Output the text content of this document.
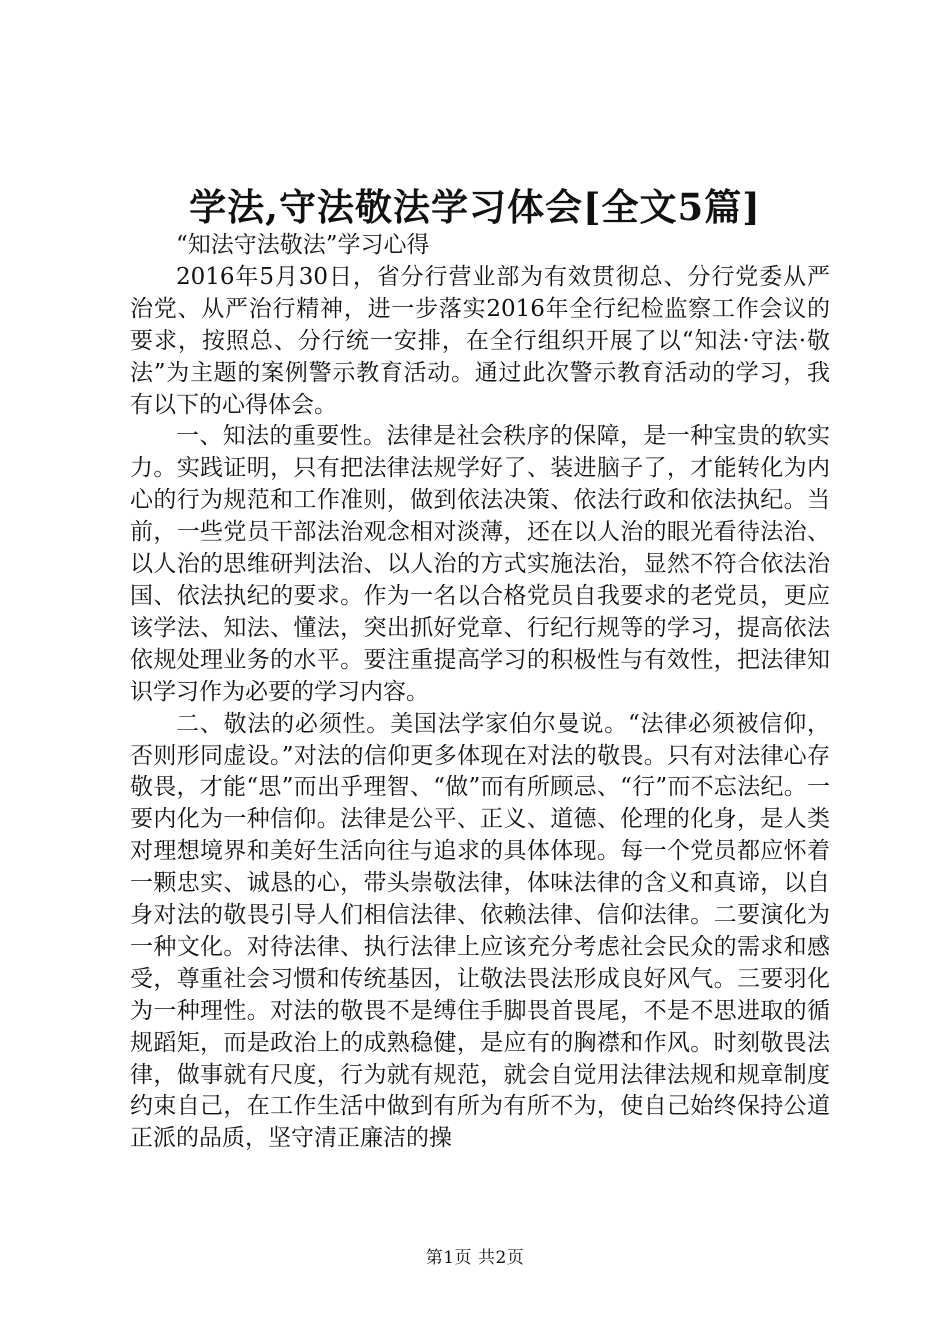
学法,守法敬法学习体会[全文5篇]

“知法守法敬法”学习心得

2016年5月30日，省分行营业部为有效贯彻总、分行党委从严治党、从严治行精神，进一步落实2016年全行纪检监察工作会议的要求，按照总、分行统一安排，在全行组织开展了以“知法·守法·敬法”为主题的案例警示教育活动。通过此次警示教育活动的学习，我有以下的心得体会。

一、知法的重要性。法律是社会秩序的保障，是一种宝贵的软实力。实践证明，只有把法律法规学好了、装进脑子了，才能转化为内心的行为规范和工作准则，做到依法决策、依法行政和依法执纪。当前，一些党员干部法治观念相对淡薄，还在以人治的眼光看待法治、以人治的思维研判法治、以人治的方式实施法治，显然不符合依法治国、依法执纪的要求。作为一名以合格党员自我要求的老党员，更应该学法、知法、懂法，突出抓好党章、行纪行规等的学习，提高依法依规处理业务的水平。要注重提高学习的积极性与有效性，把法律知识学习作为必要的学习内容。

二、敬法的必须性。美国法学家伯尔曼说。“法律必须被信仰，否则形同虚设。”对法的信仰更多体现在对法的敬畏。只有对法律心存敬畏，才能“思”而出乎理智、“做”而有所顾忌、“行”而不忘法纪。一要内化为一种信仰。法律是公平、正义、道德、伦理的化身，是人类对理想境界和美好生活向往与追求的具体体现。每一个党员都应怀着一颗忠实、诚恳的心，带头崇敬法律，体味法律的含义和真谛，以自身对法的敬畏引导人们相信法律、依赖法律、信仰法律。二要演化为一种文化。对待法律、执行法律上应该充分考虑社会民众的需求和感受，尊重社会习惯和传统基因，让敬法畏法形成良好风气。三要羽化为一种理性。对法的敬畏不是缚住手脚畏首畏尾，不是不思进取的循规蹈矩，而是政治上的成熟稳健，是应有的胸襟和作风。时刻敬畏法律，做事就有尺度，行为就有规范，就会自觉用法律法规和规章制度约束自己，在工作生活中做到有所为有所不为，使自己始终保持公道正派的品质，坚守清正廉洁的操

第1页 共2页
